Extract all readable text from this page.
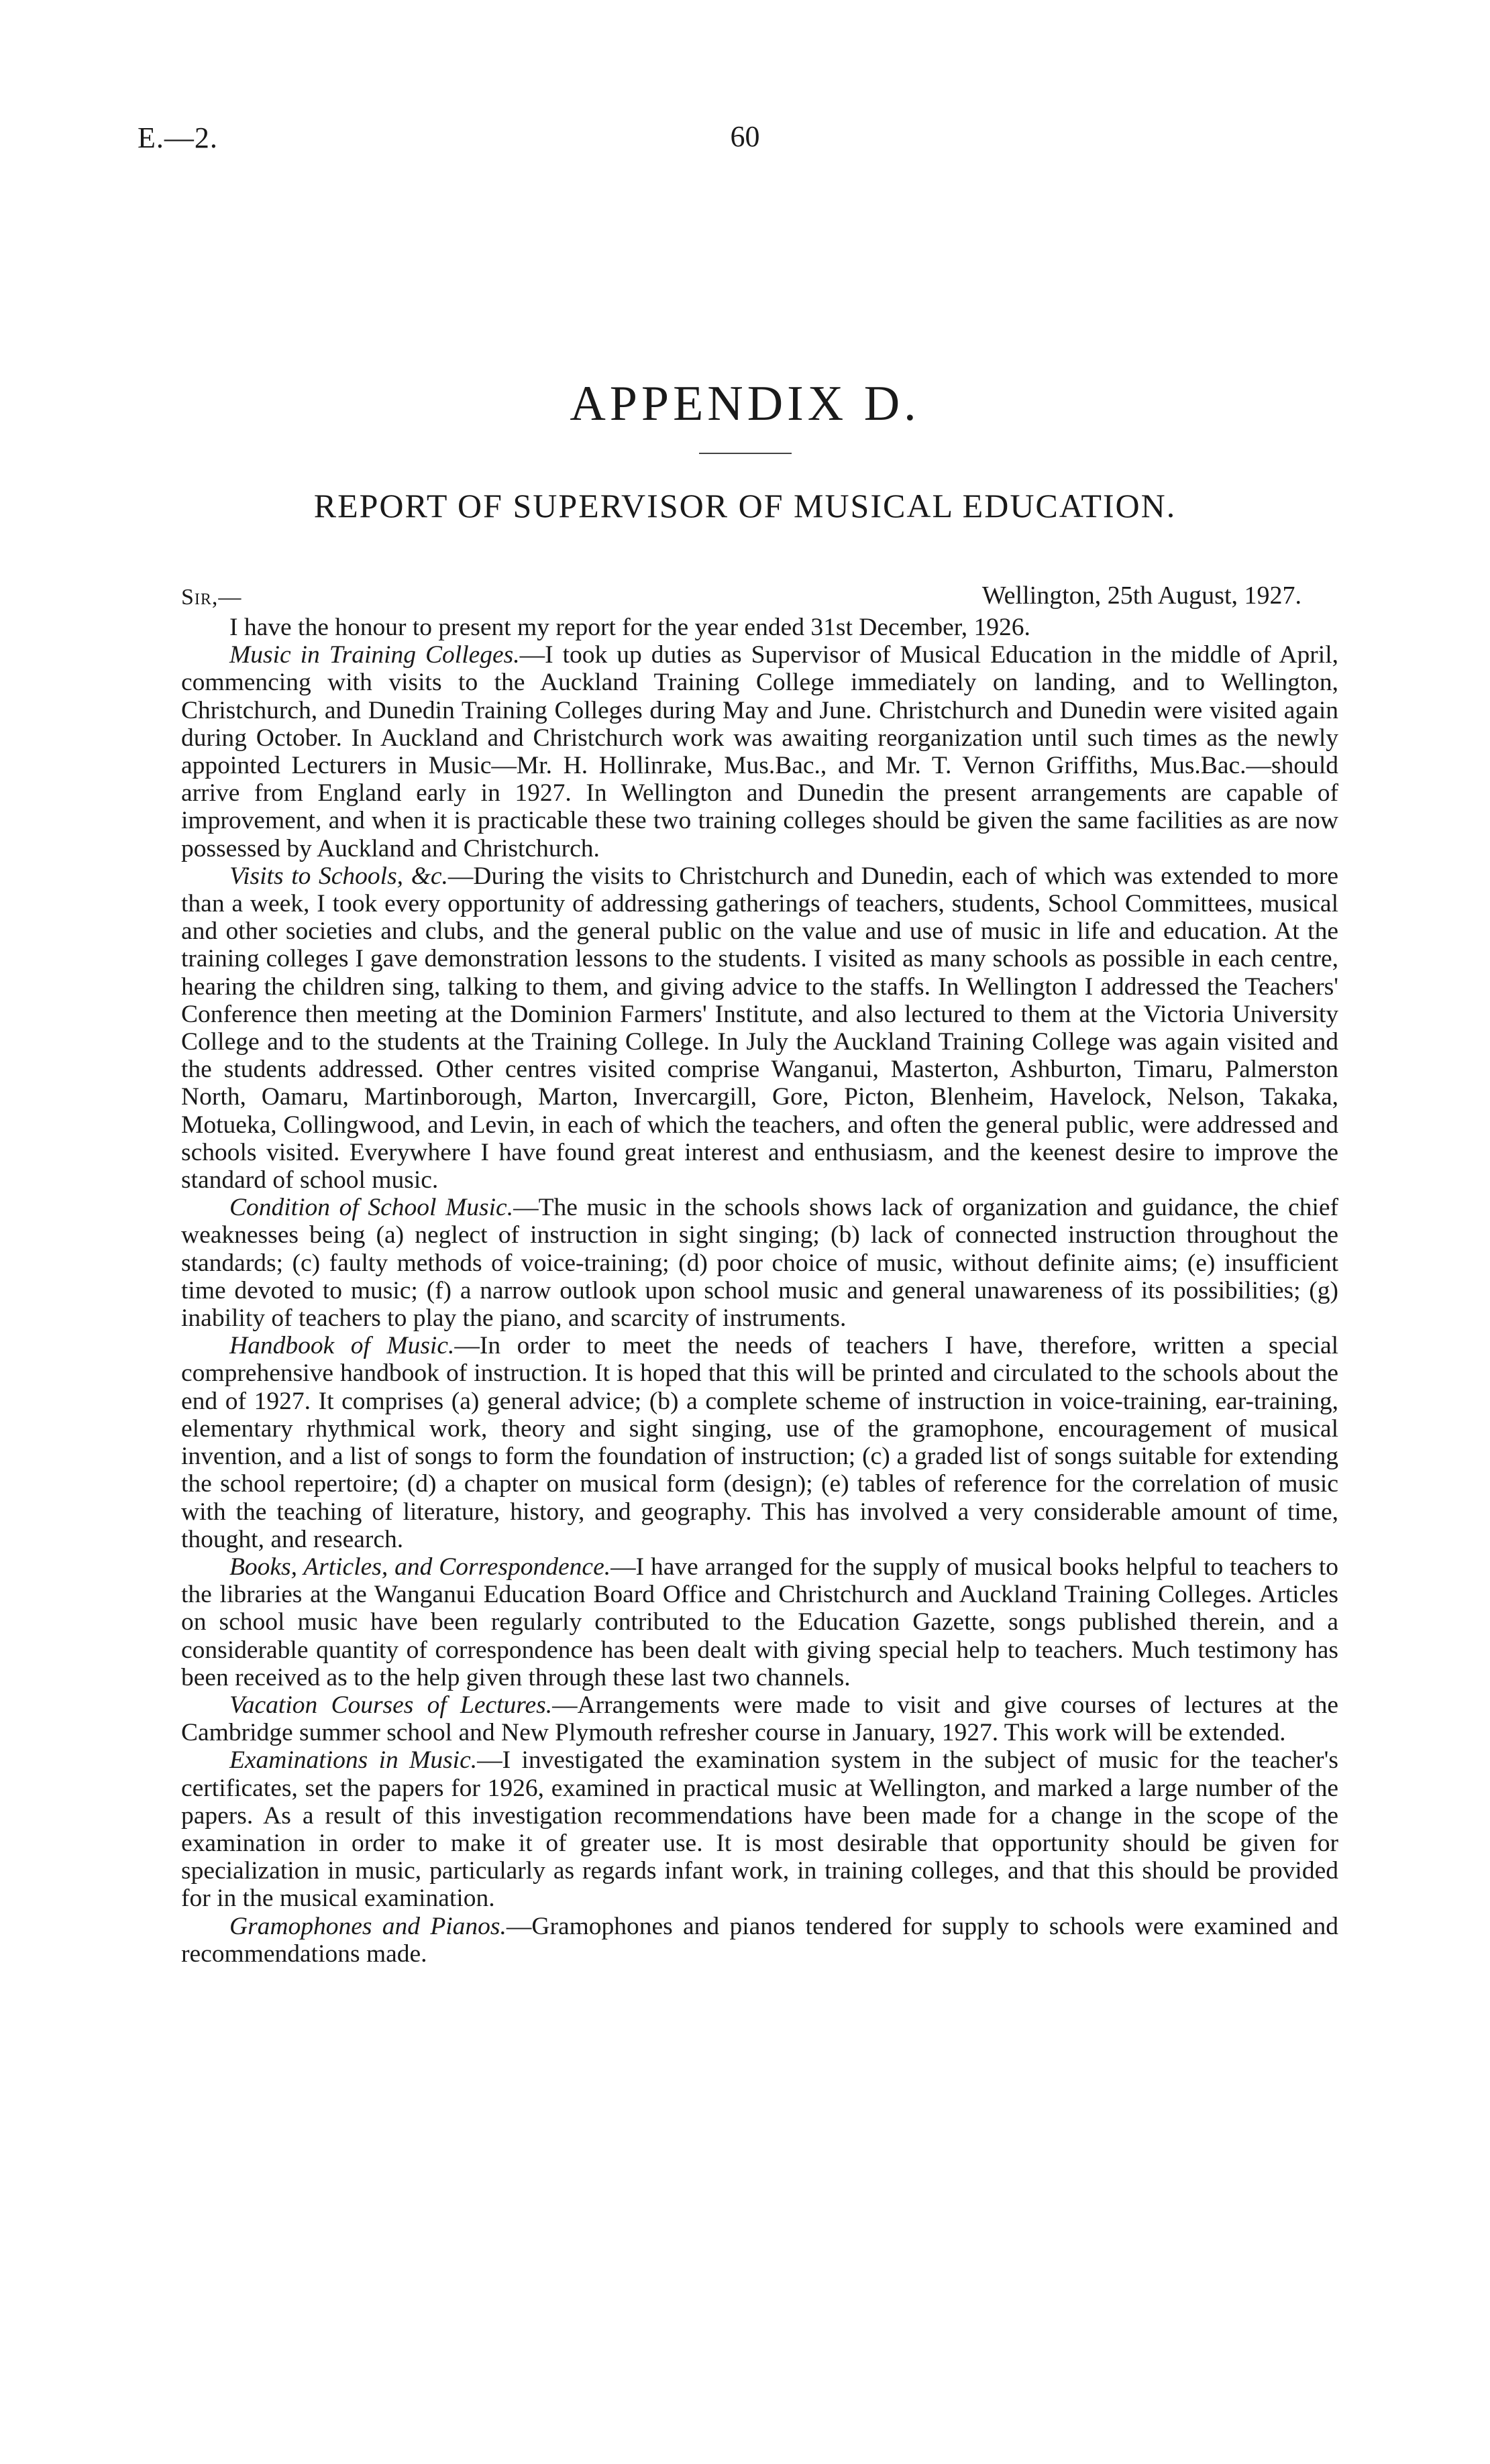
E.—2.	60
APPENDIX D.
REPORT OF SUPERVISOR OF MUSICAL EDUCATION.
Sir,—	Wellington, 25th August, 1927.

I have the honour to present my report for the year ended 31st December, 1926.

Music in Training Colleges.—I took up duties as Supervisor of Musical Education in the middle of April, commencing with visits to the Auckland Training College immediately on landing, and to Wellington, Christchurch, and Dunedin Training Colleges during May and June. Christchurch and Dunedin were visited again during October. In Auckland and Christchurch work was awaiting reorganization until such times as the newly appointed Lecturers in Music—Mr. H. Hollinrake, Mus.Bac., and Mr. T. Vernon Griffiths, Mus.Bac.—should arrive from England early in 1927. In Wellington and Dunedin the present arrangements are capable of improvement, and when it is practicable these two training colleges should be given the same facilities as are now possessed by Auckland and Christchurch.

Visits to Schools, &c.—During the visits to Christchurch and Dunedin, each of which was extended to more than a week, I took every opportunity of addressing gatherings of teachers, students, School Committees, musical and other societies and clubs, and the general public on the value and use of music in life and education. At the training colleges I gave demonstration lessons to the students. I visited as many schools as possible in each centre, hearing the children sing, talking to them, and giving advice to the staffs. In Wellington I addressed the Teachers' Conference then meeting at the Dominion Farmers' Institute, and also lectured to them at the Victoria University College and to the students at the Training College. In July the Auckland Training College was again visited and the students addressed. Other centres visited comprise Wanganui, Masterton, Ashburton, Timaru, Palmerston North, Oamaru, Martinborough, Marton, Invercargill, Gore, Picton, Blenheim, Havelock, Nelson, Takaka, Motueka, Collingwood, and Levin, in each of which the teachers, and often the general public, were addressed and schools visited. Everywhere I have found great interest and enthusiasm, and the keenest desire to improve the standard of school music.

Condition of School Music.—The music in the schools shows lack of organization and guidance, the chief weaknesses being (a) neglect of instruction in sight singing; (b) lack of connected instruction throughout the standards; (c) faulty methods of voice-training; (d) poor choice of music, without definite aims; (e) insufficient time devoted to music; (f) a narrow outlook upon school music and general unawareness of its possibilities; (g) inability of teachers to play the piano, and scarcity of instruments.

Handbook of Music.—In order to meet the needs of teachers I have, therefore, written a special comprehensive handbook of instruction. It is hoped that this will be printed and circulated to the schools about the end of 1927. It comprises (a) general advice; (b) a complete scheme of instruction in voice-training, ear-training, elementary rhythmical work, theory and sight singing, use of the gramophone, encouragement of musical invention, and a list of songs to form the foundation of instruction; (c) a graded list of songs suitable for extending the school repertoire; (d) a chapter on musical form (design); (e) tables of reference for the correlation of music with the teaching of literature, history, and geography. This has involved a very considerable amount of time, thought, and research.

Books, Articles, and Correspondence.—I have arranged for the supply of musical books helpful to teachers to the libraries at the Wanganui Education Board Office and Christchurch and Auckland Training Colleges. Articles on school music have been regularly contributed to the Education Gazette, songs published therein, and a considerable quantity of correspondence has been dealt with giving special help to teachers. Much testimony has been received as to the help given through these last two channels.

Vacation Courses of Lectures.—Arrangements were made to visit and give courses of lectures at the Cambridge summer school and New Plymouth refresher course in January, 1927. This work will be extended.

Examinations in Music.—I investigated the examination system in the subject of music for the teacher's certificates, set the papers for 1926, examined in practical music at Wellington, and marked a large number of the papers. As a result of this investigation recommendations have been made for a change in the scope of the examination in order to make it of greater use. It is most desirable that opportunity should be given for specialization in music, particularly as regards infant work, in training colleges, and that this should be provided for in the musical examination.

Gramophones and Pianos.—Gramophones and pianos tendered for supply to schools were examined and recommendations made.
